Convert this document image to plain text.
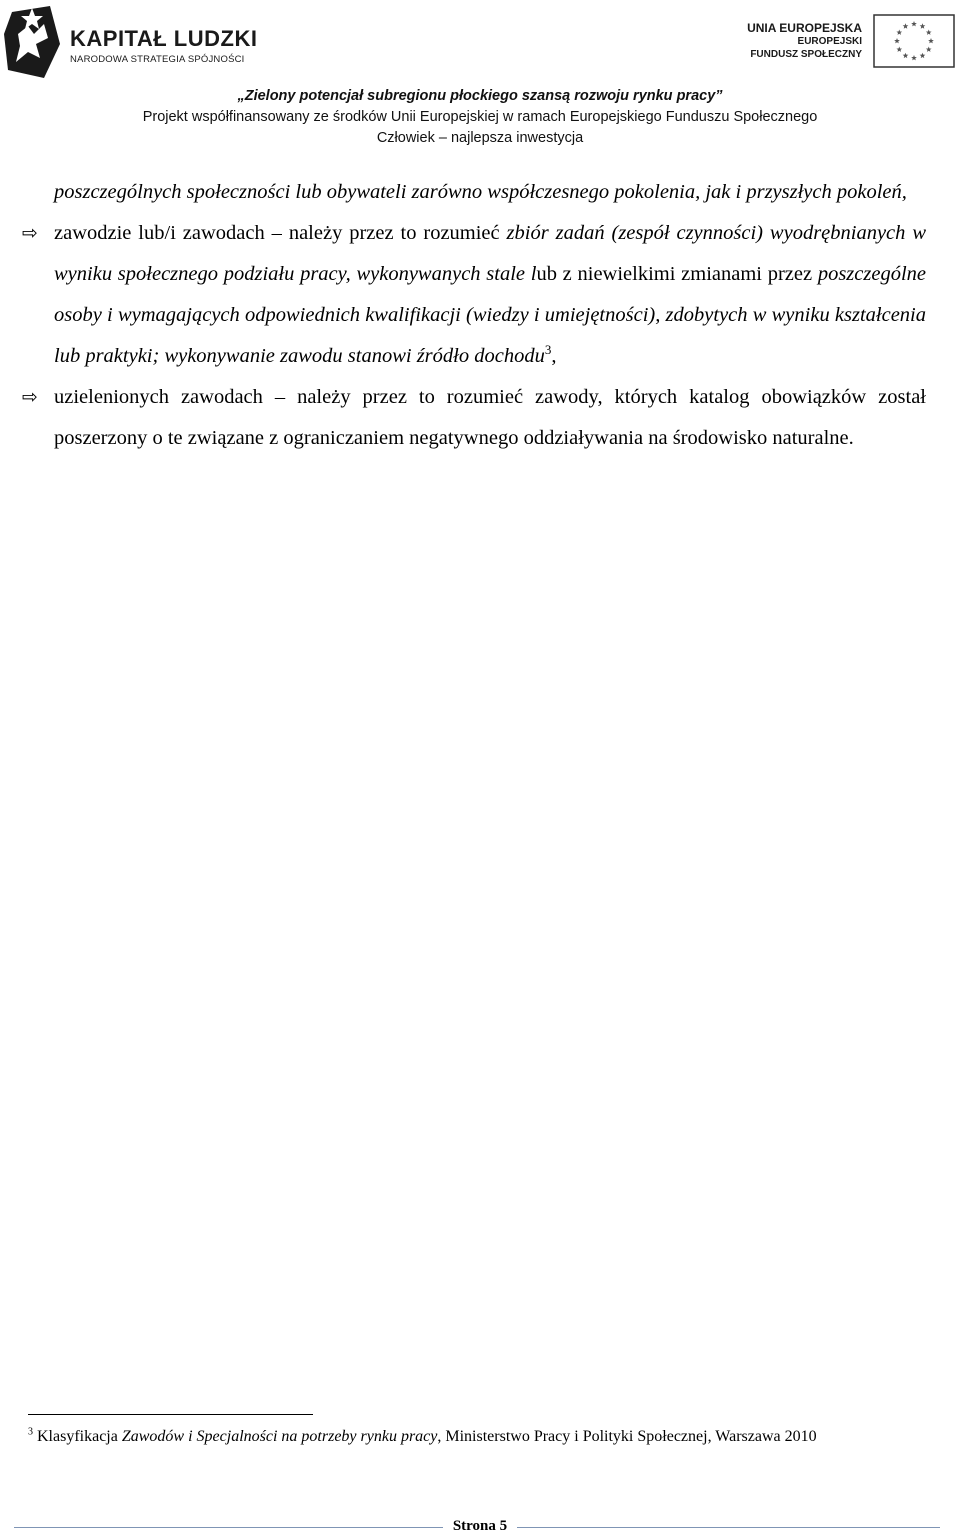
KAPITAŁ LUDZKI
NARODOWA STRATEGIA SPÓJNOŚCI
UNIA EUROPEJSKA
EUROPEJSKI
FUNDUSZ SPOŁECZNY
„Zielony potencjał subregionu płockiego szansą rozwoju rynku pracy”
Projekt współfinansowany ze środków Unii Europejskiej w ramach Europejskiego Funduszu Społecznego
Człowiek – najlepsza inwestycja

poszczególnych społeczności lub obywateli zarówno współczesnego pokolenia, jak i przyszłych pokoleń,

⇨ zawodzie lub/i zawodach – należy przez to rozumieć zbiór zadań (zespół czynności) wyodrębnianych w wyniku społecznego podziału pracy, wykonywanych stale lub z niewielkimi zmianami przez poszczególne osoby i wymagających odpowiednich kwalifikacji (wiedzy i umiejętności), zdobytych w wyniku kształcenia lub praktyki; wykonywanie zawodu stanowi źródło dochodu$^3$,

⇨ uzielenionych zawodach – należy przez to rozumieć zawody, których katalog obowiązków został poszerzony o te związane z ograniczaniem negatywnego oddziaływania na środowisko naturalne.

$^3$ Klasyfikacja Zawodów i Specjalności na potrzeby rynku pracy, Ministerstwo Pracy i Polityki Społecznej, Warszawa 2010
Strona 5
